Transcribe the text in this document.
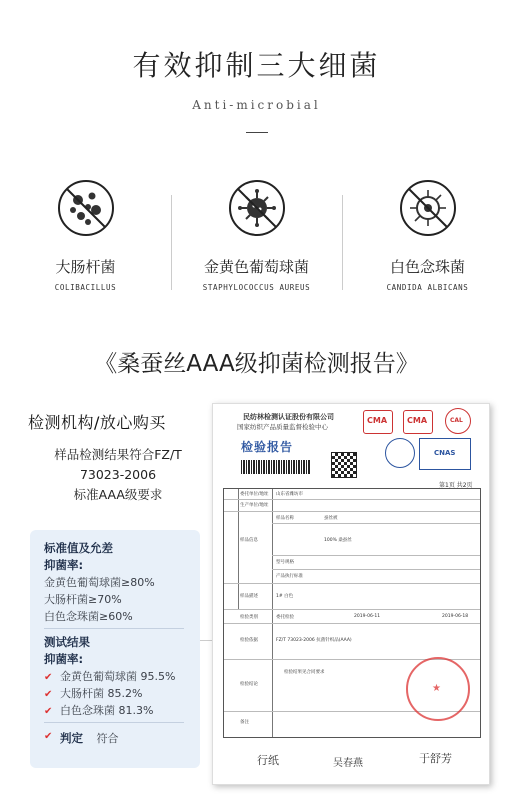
有效抑制三大细菌
Anti-microbial
大肠杆菌
COLIBACILLUS
金黄色葡萄球菌
STAPHYLOCOCCUS AUREUS
白色念珠菌
CANDIDA ALBICANS
《桑蚕丝AAA级抑菌检测报告》
检测机构/放心购买
样品检测结果符合FZ/T
73023-2006
标准AAA级要求
标准值及允差
抑菌率:
金黄色葡萄球菌≥80%
大肠杆菌≥70%
白色念珠菌≥60%
测试结果
抑菌率:
✔ 金黄色葡萄球菌 95.5%
✔ 大肠杆菌 85.2%
✔ 白色念珠菌 81.3%
✔ 判定 符合
民纺林检测认证股份有限公司
国家纺织产品质量监督检验中心
CMA CMA	CAL
检验报告	CNAS
第1页 共2页
委托单位/地址 山东省潍坊市
生产单位/地址
样品名称	蚕丝被
样品信息	100% 桑蚕丝
型号规格
产品执行标准
样品描述	1# 白色
检验类别	委托检验	2019-06-11	2019-06-18
检验依据	FZ/T 73023-2006 抗菌针织品(AAA)
检验结论
检验结果见合同要求
备注
★
行纸	吴春燕	于舒芳
